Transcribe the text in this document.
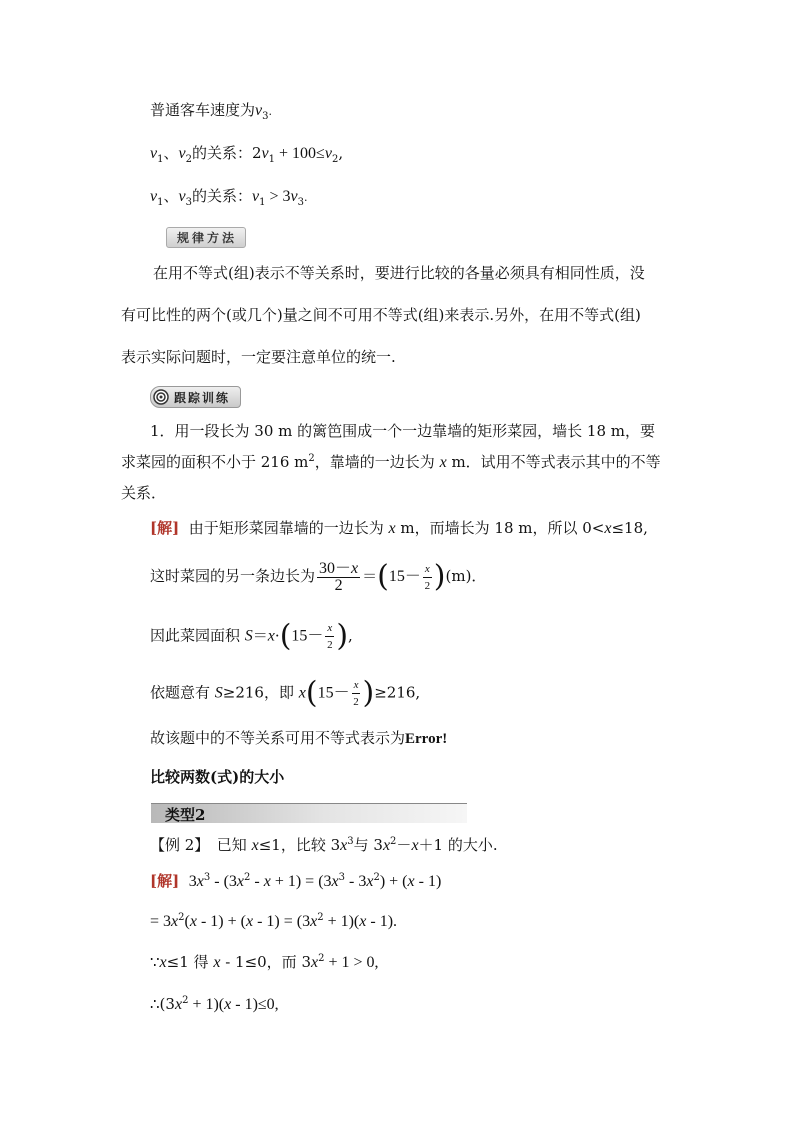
普通客车速度为$v_3$.
$v_1$、$v_2$的关系：$2v_1 + 100\le v_2$,
$v_1$、$v_3$的关系：$v_1 > 3v_3$.
规律方法
在用不等式(组)表示不等关系时，要进行比较的各量必须具有相同性质，没
有可比性的两个(或几个)量之间不可用不等式(组)来表示.另外，在用不等式(组)
表示实际问题时，一定要注意单位的统一.
跟踪训练
1．用一段长为 30 m 的篱笆围成一个一边靠墙的矩形菜园，墙长 18 m，要
求菜园的面积不小于 216 $m^2$，靠墙的一边长为 x m．试用不等式表示其中的不等
关系．
[解] 由于矩形菜园靠墙的一边长为 x m，而墙长为 18 m，所以 0<x≤18,
这时菜园的另一条边长为 $\frac{30-x}{2} =(15- \frac{x}{2} )(m)$．
因此菜园面积 $S=x\cdot(15- \frac{x}{2}$ ),
依题意有 S≥216，即 $x(15- \frac{x}{2} )\ge 216$,
故该题中的不等关系可用不等式表示为Error!
比较两数(式)的大小
类型2
【例 2】　已知 x≤1，比较 $3x^3$与 $3x^2-x+1$ 的大小.
[解] $3x^3$ ‐ ($3x^2$ ‐ $x + 1) = (3x^3$ ‐ $3x^2) + (x$ ‐ 1)
= $3x^2(x$ ‐ 1) + (x ‐ $1) = (3x^2 + 1)(x$ ‐ 1).
∵x≤1 得 x ‐ 1≤0，而 $3x^2 + 1 > 0$,
$\therefore(3x^2 + 1)(x$ ‐ 1)≤0,
